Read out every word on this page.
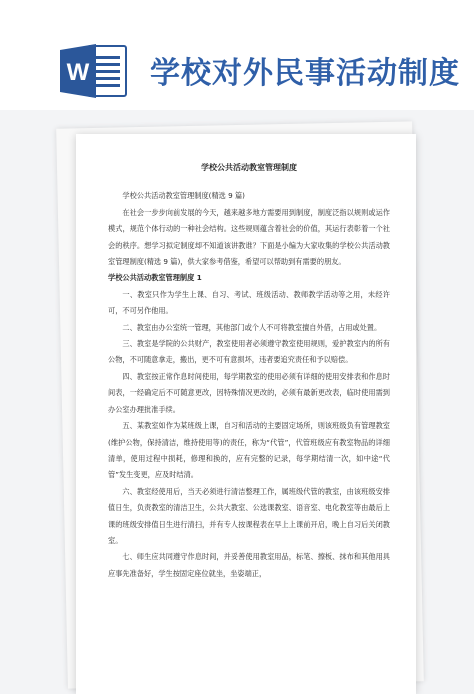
W 学校对外民事活动制度
学校公共活动教室管理制度

学校公共活动教室管理制度(精选 9 篇)

在社会一步步向前发展的今天，越来越多地方需要用到制度，制度泛指以规则或运作模式，规范个体行动的一种社会结构。这些规则蕴含着社会的价值，其运行表彰着一个社会的秩序。想学习拟定制度却不知道该讲教谁？下面是小编为大家收集的学校公共活动教室管理制度(精选 9 篇)，供大家参考借鉴，希望可以帮助到有需要的朋友。

学校公共活动教室管理制度 1

一、教室只作为学生上课、自习、考试、班级活动、教师教学活动等之用，未经许可，不可另作他用。

二、教室由办公室统一管理，其他部门或个人不可将教室擅自外借，占用或处置。

三、教室是学院的公共财产，教室使用者必须遵守教室使用规则，爱护教室内的所有公物，不可随意拿走，搬出，更不可有意损坏，违者要追究责任和予以赔偿。

四、教室按正常作息时间使用，每学期教室的使用必须有详细的使用安排表和作息时间表，一经确定后不可随意更改，因特殊情况更改的，必须有最新更改表，临时使用需到办公室办理批准手续。

五、某教室如作为某班级上课，自习和活动的主要固定场所，则该班级负有管理教室(维护公物，保持清洁，维持使用等)的责任，称为“代管”，代管班级应有教室物品的详细清单，使用过程中损耗，修理和换的，应有完整的记录，每学期结清一次，如中途“代管”发生变更，应及时结清。

六、教室经使用后，当天必须进行清洁整理工作，属班级代管的教室，由该班级安排值日生，负责教室的清洁卫生，公共大教室、公选课教室、语音室、电化教室等由最后上课的班级安排值日生进行清扫，并有专人按课程表在早上上课前开启，晚上自习后关闭教室。

七、师生应共同遵守作息时间，并妥善使用教室用品，标笔、擦板、抹布和其他用具应事先准备好，学生按固定座位就坐，坐姿端正，
